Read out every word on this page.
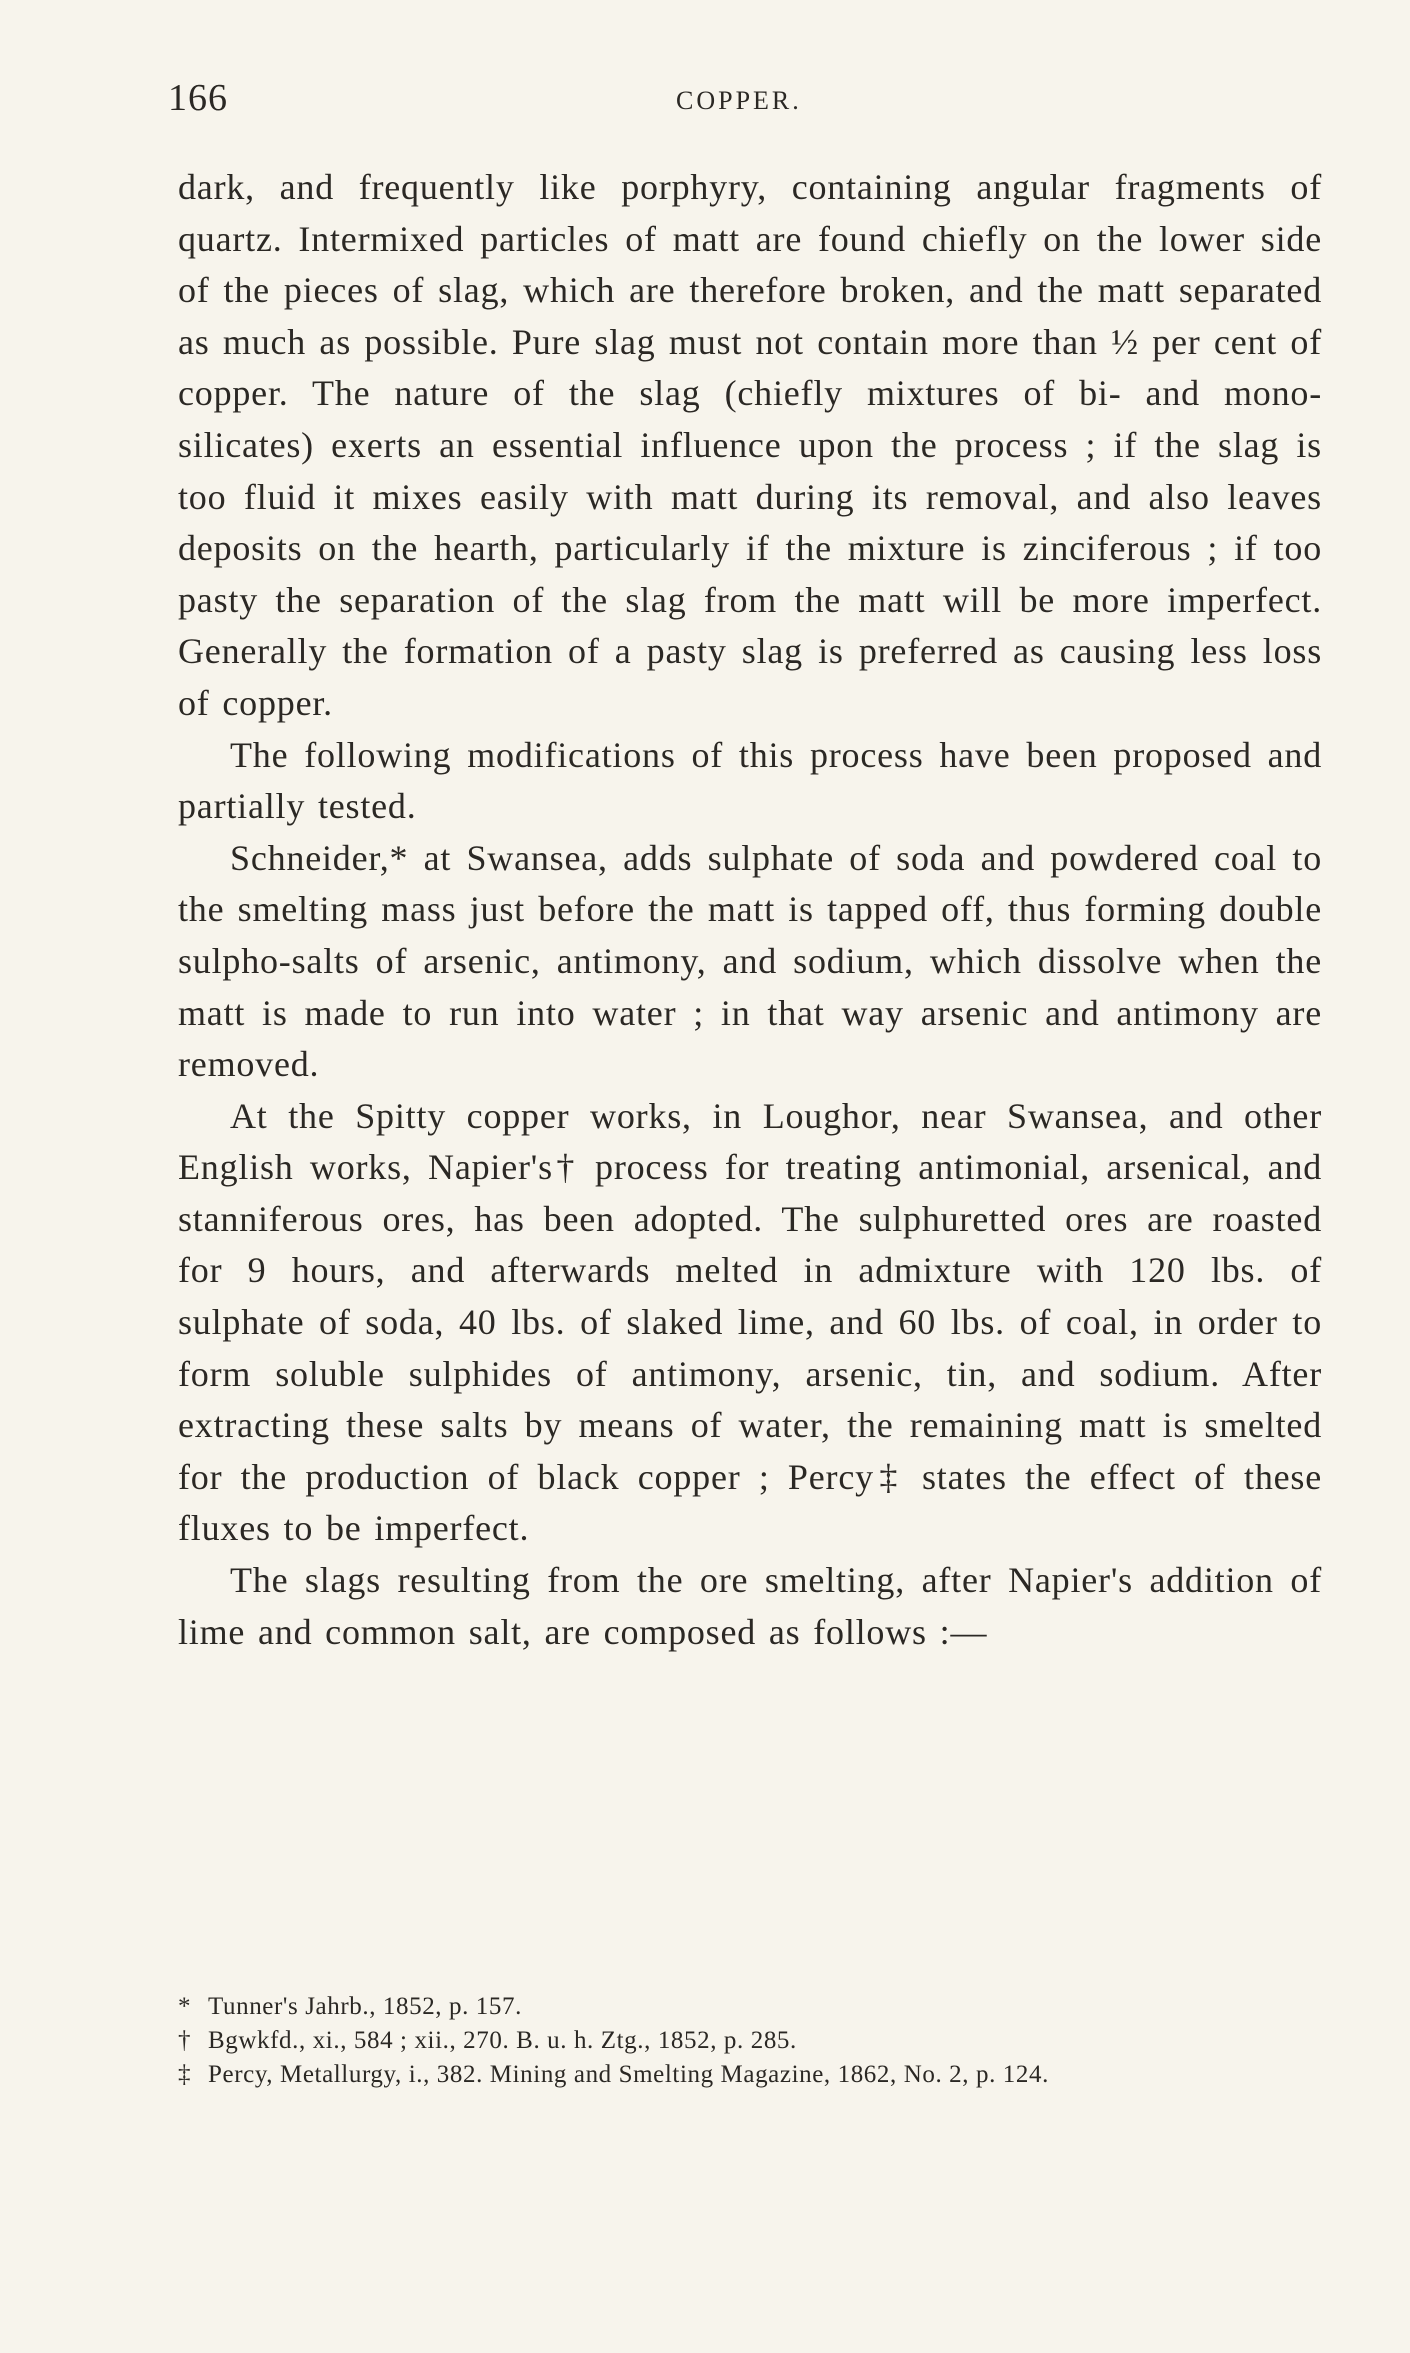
166	COPPER.

dark, and frequently like porphyry, containing angular fragments of quartz. Intermixed particles of matt are found chiefly on the lower side of the pieces of slag, which are therefore broken, and the matt separated as much as possible. Pure slag must not contain more than ½ per cent of copper. The nature of the slag (chiefly mixtures of bi- and mono-silicates) exerts an essential influence upon the process ; if the slag is too fluid it mixes easily with matt during its removal, and also leaves deposits on the hearth, particularly if the mixture is zinciferous ; if too pasty the separation of the slag from the matt will be more imperfect. Generally the formation of a pasty slag is preferred as causing less loss of copper.

The following modifications of this process have been proposed and partially tested.

Schneider,* at Swansea, adds sulphate of soda and powdered coal to the smelting mass just before the matt is tapped off, thus forming double sulpho-salts of arsenic, antimony, and sodium, which dissolve when the matt is made to run into water ; in that way arsenic and antimony are removed.

At the Spitty copper works, in Loughor, near Swansea, and other English works, Napier's† process for treating antimonial, arsenical, and stanniferous ores, has been adopted. The sulphuretted ores are roasted for 9 hours, and afterwards melted in admixture with 120 lbs. of sulphate of soda, 40 lbs. of slaked lime, and 60 lbs. of coal, in order to form soluble sulphides of antimony, arsenic, tin, and sodium. After extracting these salts by means of water, the remaining matt is smelted for the production of black copper ; Percy‡ states the effect of these fluxes to be imperfect.

The slags resulting from the ore smelting, after Napier's addition of lime and common salt, are composed as follows :—

* Tunner's Jahrb., 1852, p. 157.

† Bgwkfd., xi., 584 ; xii., 270. B. u. h. Ztg., 1852, p. 285.

‡ Percy, Metallurgy, i., 382. Mining and Smelting Magazine, 1862, No. 2, p. 124.
